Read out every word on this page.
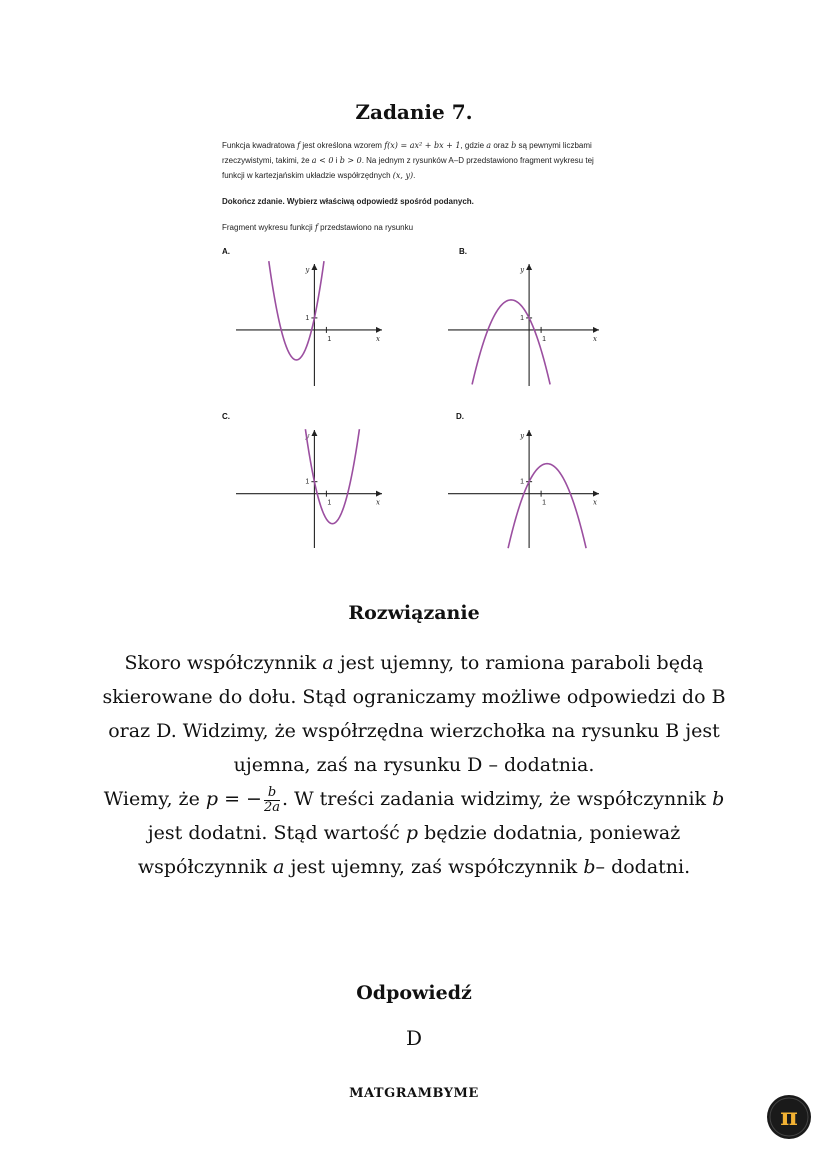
Zadanie 7.
Funkcja kwadratowa f jest określona wzorem f(x) = ax² + bx + 1, gdzie a oraz b są pewnymi liczbami rzeczywistymi, takimi, że a < 0 i b > 0. Na jednym z rysunków A–D przedstawiono fragment wykresu tej funkcji w kartezjańskim układzie współrzędnych (x, y).
Dokończ zdanie. Wybierz właściwą odpowiedź spośród podanych.
Fragment wykresu funkcji f przedstawiono na rysunku
A.
1
1
x
y
B.
1
1
x
y
C.
1
1
x
y
D.
1
1
x
y
Rozwiązanie
Skoro współczynnik a jest ujemny, to ramiona paraboli będą skierowane do dołu. Stąd ograniczamy możliwe odpowiedzi do B oraz D. Widzimy, że współrzędna wierzchołka na rysunku B jest ujemna, zaś na rysunku D – dodatnia.
Wiemy, że p = − $\frac{b}{2a}$ . W treści zadania widzimy, że współczynnik b jest dodatni. Stąd wartość p będzie dodatnia, ponieważ współczynnik a jest ujemny, zaś współczynnik b– dodatni.
Odpowiedź
D
MATGRAMBYME
π
